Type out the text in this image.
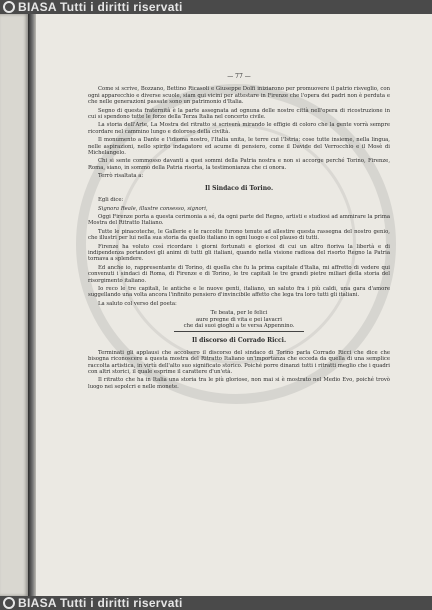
BIASA Tutti i diritti riservati
— 77 —

Come si scrive, Bozzano, Bettino Ricasoli e Giuseppe Dolfi iniziarono per promuovere il patrio risveglio, con ogni apparecchio e diverse scuole, siam qui vicini per attestare in Firenze che l'opera dei padri non è perduta e che nelle generazioni passate sono un patrimonio d'Italia.

Segno di questa fraternità è la parte assegnata ad ognuna delle nostre città nell'opera di ricostruzione in cui si spendono tutte le forze della Terza Italia nel concerto civile.

La storia dell'Arte, La Mostra del ritratto si scriverà mirando le effigie di coloro che la gente vorrà sempre ricordare nel cammino lungo e doloroso della civiltà.

Il monumento a Dante e l'idioma nostro, l'Italia unita, le terre cui l'Istria; cose tutte insieme, nella lingua, nelle aspirazioni, nello spirito indagatore ed acume di pensiero, come il Davide del Verrocchio e il Mosè di Michelangelo.

Chi si sente commosso davanti a quei sommi della Patria nostra e non si accorge perché Torino, Firenze, Roma, siano, in sommo della Patria risorta, la testimonianza che ci onora.

Terrò risaltata a:

Il Sindaco di Torino.

Egli dice:

Signora Reale, illustre consesso, signori,

Oggi Firenze porta a questa cerimonia a sé, da ogni parte del Regno, artisti e studiosi ad ammirare la prima Mostra del Ritratto Italiano.

Tutte le pinacoteche, le Gallerie e le raccolte furono tenute ad allestire questa rassegna del nostro genio, che illustri per lui nella sua storia da quello italiano in ogni luogo e col plauso di tutti.

Firenze ha voluto così ricordare i giorni fortunati e gloriosi di cui un altro fioriva la libertà e di indipendenza portandovi gli animi di tutti gli italiani, quando nella visione radiosa del risorto Regno la Patria tornava a splendere.

Ed anche io, rappresentante di Torino, di quella che fu la prima capitale d'Italia, mi affretto di vedere qui convenuti i sindaci di Roma, di Firenze e di Torino, le tre capitali le tre grandi pietre miliari della storia del risorgimento italiano.

Io reco le tre capitali, le antiche e le nuove genti, italiano, un saluto fra i più caldi, una gara d'amore suggellando una volta ancora l'infinito pensiero d'invincibile affetto che lega tra loro tutti gli italiani.

La saluto col verso del poeta:

Te beata, per le felici
aure pregne di vita e pei lavacri
che dai suoi gioghi a te versa Appennino.
Il discorso di Corrado Ricci.

Terminati gli applausi che accolsero il discorso del sindaco di Torino parla Corrado Ricci che dice che bisogna riconoscere a questa mostra del Ritratto Italiano un'importanza che ecceda da quella di una semplice raccolta artistica, in virtù dell'alto suo significato storico. Poiché porre dinanzi tutti i ritratti meglio che i quadri con altri storici, il quale esprime il carattere d'un'età.

Il ritratto che ha in Italia una storia tra le più gloriose, non mai si è mostrato nel Medio Evo, poiché trovò luogo nei sepolcri e nelle monete.

BIASA Tutti i diritti riservati
